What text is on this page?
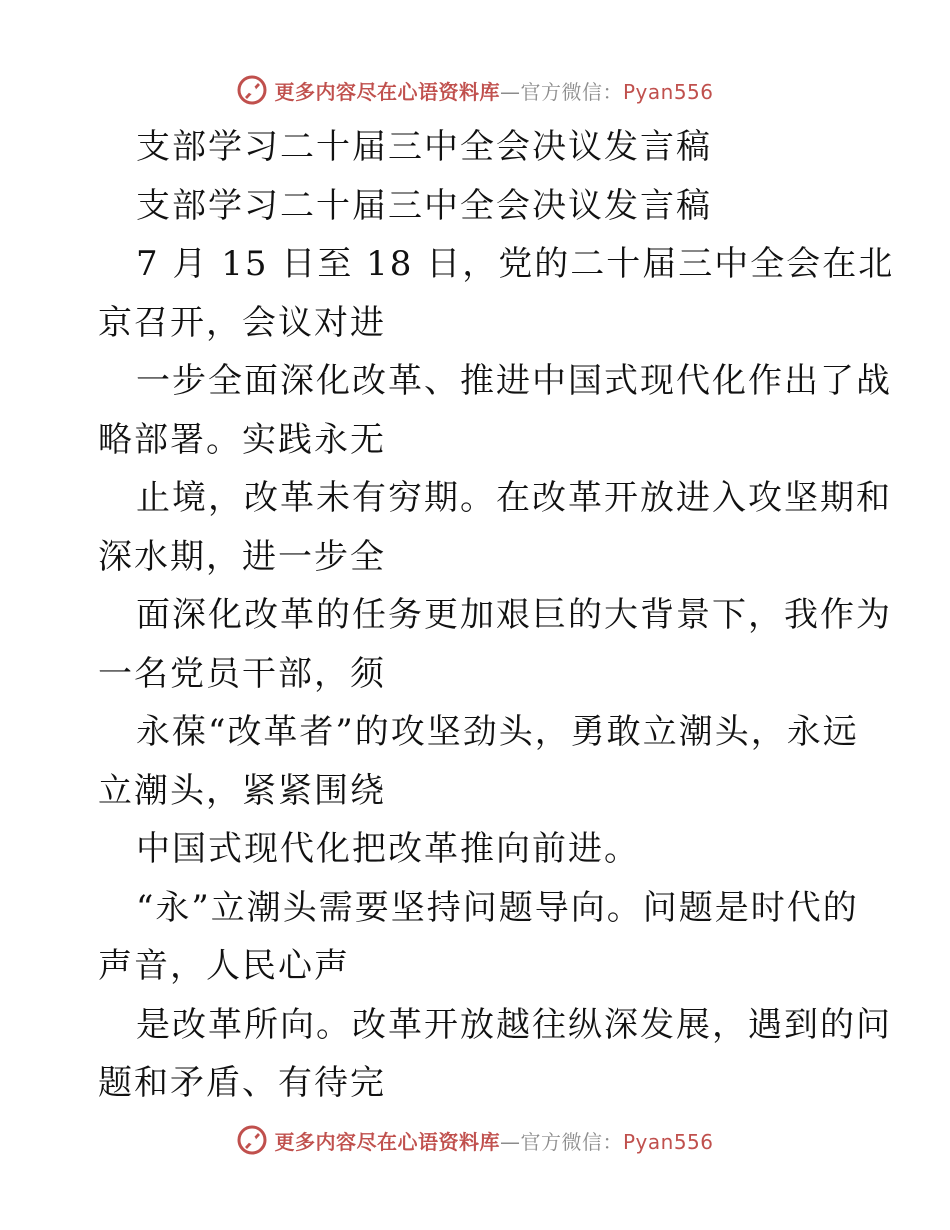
更多内容尽在心语资料库—官方微信：Pyan556
支部学习二十届三中全会决议发言稿
支部学习二十届三中全会决议发言稿
7 月 15 日至 18 日，党的二十届三中全会在北
京召开，会议对进
一步全面深化改革、推进中国式现代化作出了战
略部署。实践永无
止境，改革未有穷期。在改革开放进入攻坚期和
深水期，进一步全
面深化改革的任务更加艰巨的大背景下，我作为
一名党员干部，须
永葆“改革者”的攻坚劲头，勇敢立潮头，永远
立潮头，紧紧围绕
中国式现代化把改革推向前进。
“永”立潮头需要坚持问题导向。问题是时代的
声音，人民心声
是改革所向。改革开放越往纵深发展，遇到的问
题和矛盾、有待完
更多内容尽在心语资料库—官方微信：Pyan556
